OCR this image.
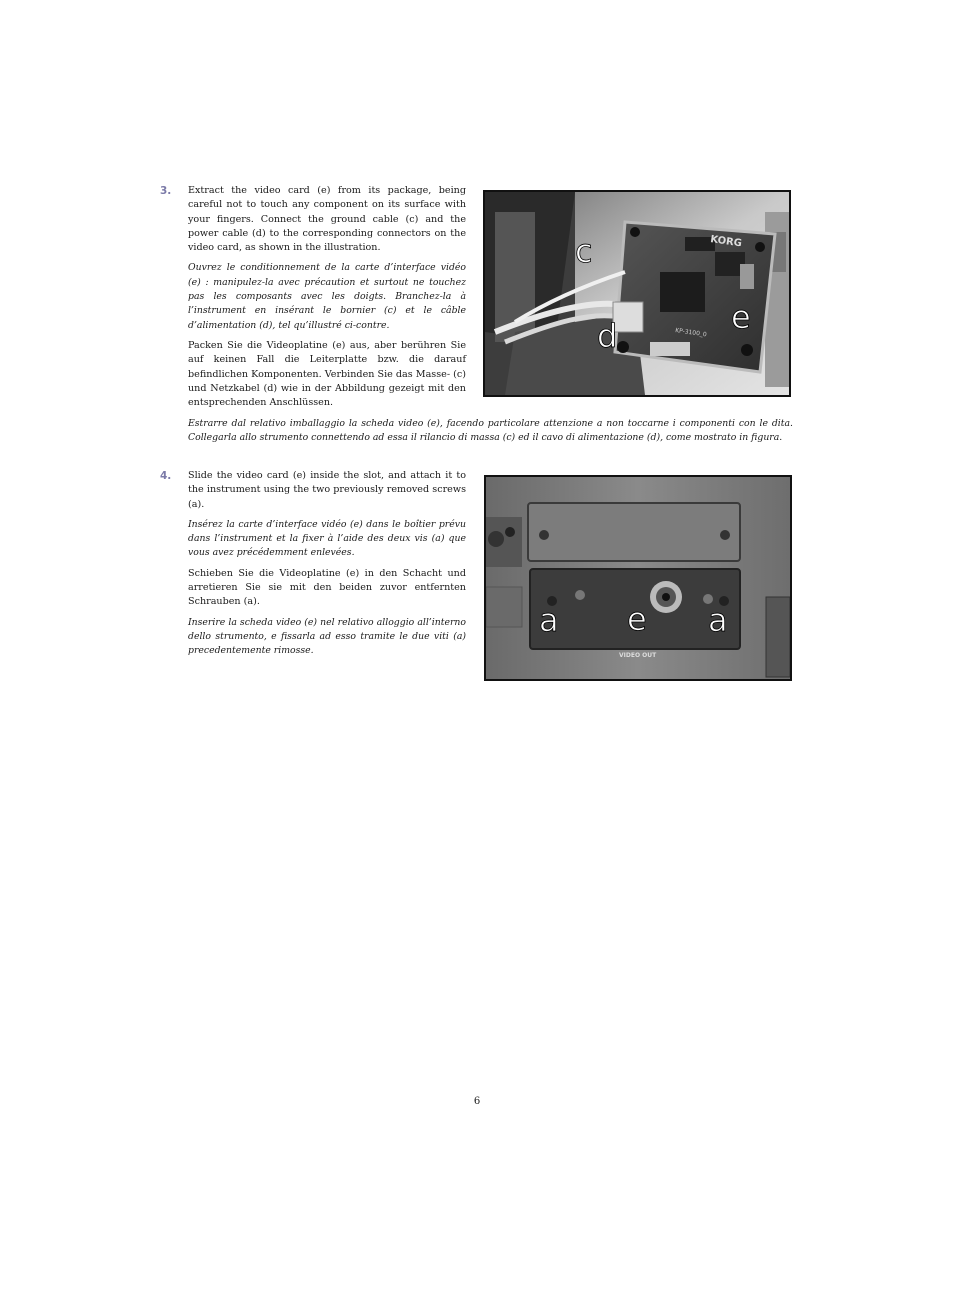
3. Extract the video card (e) from its package, being careful not to touch any component on its surface with your fingers. Connect the ground cable (c) and the power cable (d) to the corresponding connectors on the video card, as shown in the illustration.

Ouvrez le conditionnement de la carte d’interface vidéo (e) : manipulez-la avec précaution et surtout ne touchez pas les composants avec les doigts. Branchez-la à l’instrument en insérant le bornier (c) et le câble d’alimentation (d), tel qu’illustré ci-contre.

Packen Sie die Videoplatine (e) aus, aber berühren Sie auf keinen Fall die Leiterplatte bzw. die darauf befindlichen Komponenten. Verbinden Sie das Masse- (c) und Netzkabel (d) wie in der Abbildung gezeigt mit den entsprechenden Anschlüssen.

Estrarre dal relativo imballaggio la scheda video (e), facendo particolare attenzione a non toccarne i componenti con le dita. Collegarla allo strumento connettendo ad essa il rilancio di massa (c) ed il cavo di alimentazione (d), come mostrato in figura.

KORG
KP-3100_0
c
d	e
4. Slide the video card (e) inside the slot, and attach it to the instrument using the two previously removed screws (a).

Insérez la carte d’interface vidéo (e) dans le boîtier prévu dans l’instrument et la fixer à l’aide des deux vis (a) que vous avez précédemment enlevées.

Schieben Sie die Videoplatine (e) in den Schacht und arretieren Sie sie mit den beiden zuvor entfernten Schrauben (a).

Inserire la scheda video (e) nel relativo alloggio all’interno dello strumento, e fissarla ad esso tramite le due viti (a) precedentemente rimosse.	VIDEO OUT
a e a
6
